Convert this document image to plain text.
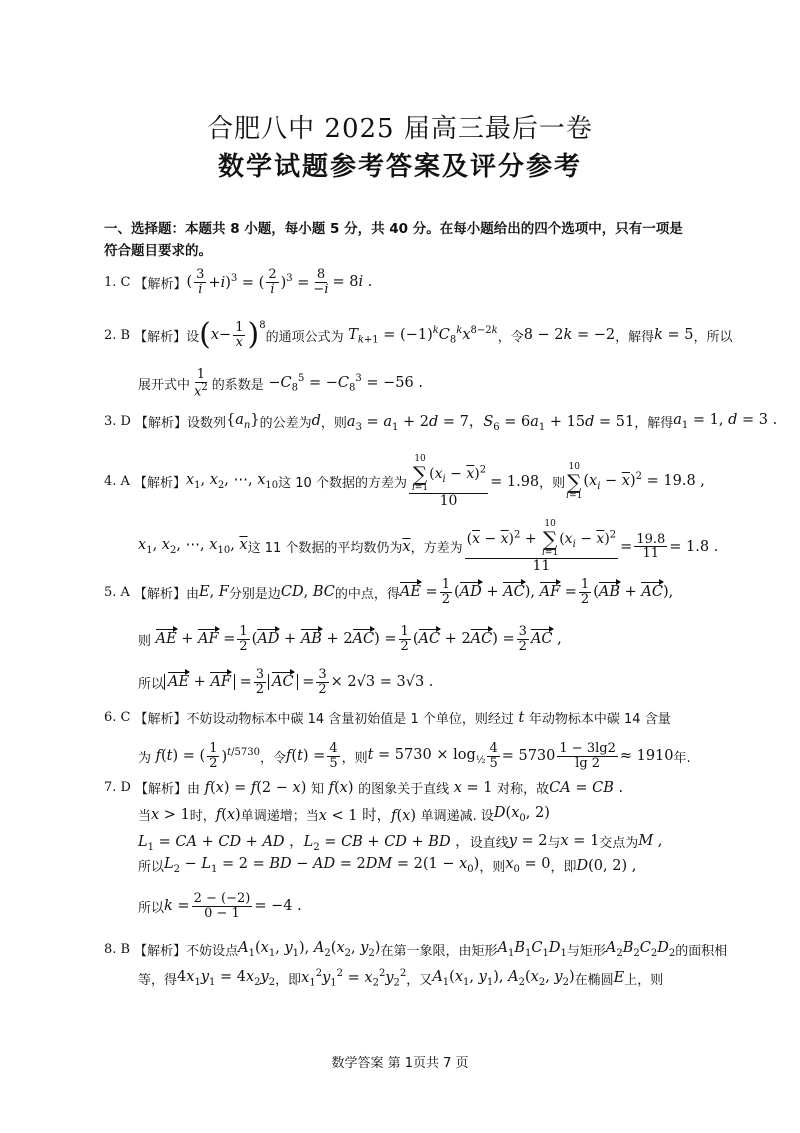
合肥八中 2025 届高三最后一卷
数学试题参考答案及评分参考
一、选择题：本题共 8 小题，每小题 5 分，共 40 分。在每小题给出的四个选项中，只有一项是符合题目要求的。
1. C 【解析】 ( $\frac{3}{i} +i)^3$ = ( $\frac{2}{i} )^3 = \frac{8}{-i} = 8i$ .
2. B 【解析】 设 ( $x - \frac{1}{x} )^8$
的通项公式为 $T_{k+1} = (-1)^kC_8^kx^{8-2k}$ ，令 8 − 2k = −2 ，解得 k = 5 ，所以
展开式中 $\frac{1}{x^2}$ 的系数是 $-C_8^5 = -C_8^3 = -56$ .
3. D 【解析】 设数列 $\{a_n\}$ 的公差为 d ，则 $a_3 = a_1 + 2d = 7$，$S_6 = 6a_1 + 15d = 51$ ，解得 $a_1 = 1$, d = 3 .
4. A 【解析】 $x_1$, $x_2$, ⋯, $x_{10}$ 这 10 个数据的方差为 10
∑
i=1
$(x_i - \overline{x})^2$
10 = 1.98 ，则
10
∑
i=1
$(x_i - \overline{x})^2 = 19.8$ ,
$x_1$, $x_2$, ⋯, $x_{10}$, $\overline{x}$ 这 11 个数据的平均数仍为 $\overline{x}$ ，方差为 $(\overline{x} - \overline{x})^2$ +
10
∑
i=1
$(x_i - \overline{x})^2$
$11 = \frac{19.8}{11} = 1.8$ .
5. A 【解析】 由 E, F 分别是边 CD, BC 的中点，得 AE = $\frac{1}{2} (AD + AC)$, AF = $\frac{1}{2} (AB + AC)$,
则 AE + AF = $\frac{1}{2} (AD$ + AB + $2AC) = \frac{1}{2} (AC + 2AC) = \frac{3}{2}$ AC ,
所以 AE + AF = $\frac{3}{2}$ AC = $\frac{3}{2} \times 2√3 = 3√3$ .
6. C 【解析】 不妨设动物标本中碳 14 含量初始值是 1 个单位，则经过 t 年动物标本中碳 14 含量
为 f(t) = ( $\frac{1}{2} )^{t/5730}$ ，令 $f(t) = \frac{4}{5}$ ，则 $t = 5730 \times \log_{\frac{1}{2}} \frac{4}{5} = 5730 \frac{1 - 3\lg 2}{\lg 2} \approx 1910$ 年.
7. D 【解析】 由 f(x) = f(2 − x) 知 f(x) 的图象关于直线 x = 1 对称，故 CA = CB .
当 x > 1 时， f(x) 单调递增；当 x < 1 时，f(x) 单调递减. 设 $D(x_0$, 2)
$L_1$ = CA + CD + AD ，$L_2$ = CB + CD + BD ， 设直线 y = 2 与 x = 1 交点为 M ,
所以 $L_2 - L_1 = 2$ = BD − AD = $2DM = 2(1 - x_0)$ ，则 $x_0 = 0$ ，即 D(0, 2) ,
所以 $k = \frac{2 - (-2)}{0 - 1} = -4$ .
8. B 【解析】 不妨设点 $A_1(x_1$, $y_1$), $A_2(x_2$, $y_2$) 在第一象限，由矩形 $A_1B_1C_1D_1$ 与矩形 $A_2B_2C_2D_2$ 的面积相
等，得 $4x_1y_1 = 4x_2y_2$ ，即 $x_1^2y_1^2 = x_2^2y_2^2$ ，又 $A_1(x_1$, $y_1$), $A_2(x_2$, $y_2$) 在椭圆 E 上，则
数学答案 第 1页共 7 页
